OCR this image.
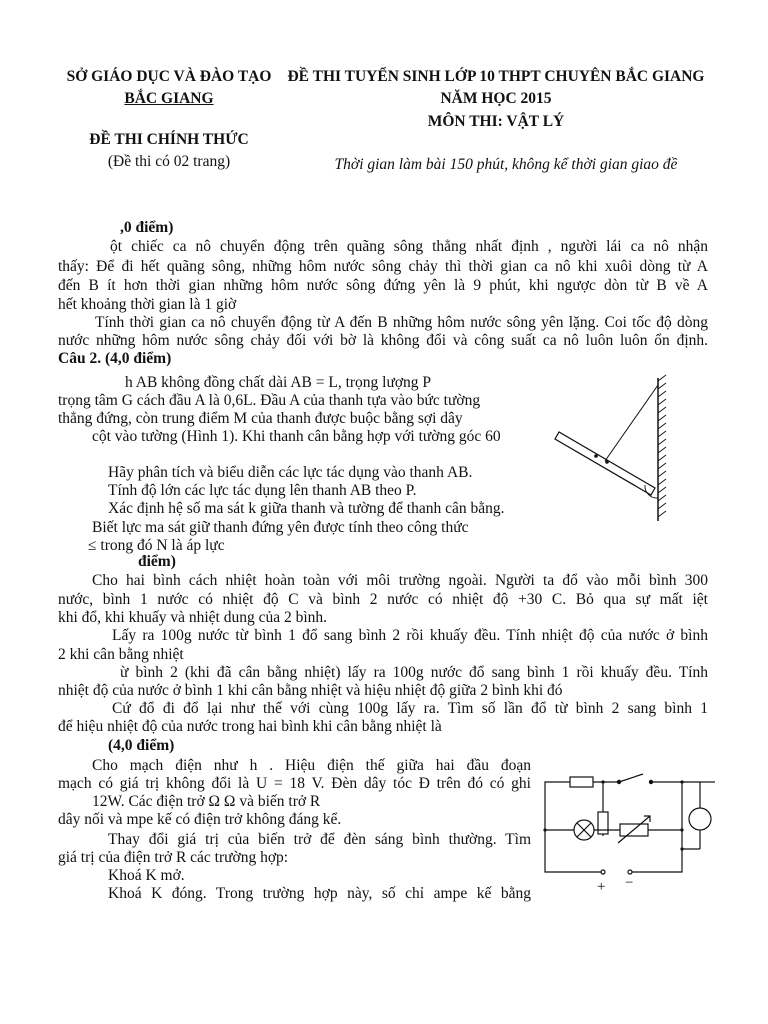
SỞ GIÁO DỤC VÀ ĐÀO TẠO
BẮC GIANG
ĐỀ THI TUYỂN SINH LỚP 10 THPT CHUYÊN BẮC GIANG
NĂM HỌC 2015
MÔN THI: VẬT LÝ
ĐỀ THI CHÍNH THỨC
(Đề thi có 02 trang)	Thời gian làm bài 150 phút, không kể thời gian giao đề
,0 điểm)
ột chiếc ca nô chuyển động trên quãng sông thẳng nhất định , người lái ca nô nhận
thấy: Để đi hết quãng sông, những hôm nước sông chảy thì thời gian ca nô khi xuôi dòng từ A
đến B ít hơn thời gian những hôm nước sông đứng yên là 9 phút, khi ngược dòn từ B về A
hết khoảng thời gian là 1 giờ
Tính thời gian ca nô chuyển động từ A đến B những hôm nước sông yên lặng. Coi tốc độ dòng
nước những hôm nước sông chảy đối với bờ là không đổi và công suất ca nô luôn luôn ổn định.
Câu 2. (4,0 điểm)
h AB không đồng chất dài AB = L, trọng lượng P
trọng tâm G cách đầu A là 0,6L. Đầu A của thanh tựa vào bức tường
thẳng đứng, còn trung điểm M của thanh được buộc bằng sợi dây
cột vào tường (Hình 1). Khi thanh cân bằng hợp với tường góc 60
Hãy phân tích và biểu diễn các lực tác dụng vào thanh AB.
Tính độ lớn các lực tác dụng lên thanh AB theo P.
Xác định hệ số ma sát k giữa thanh và tường để thanh cân bằng.
Biết lực ma sát giữ thanh đứng yên được tính theo công thức
≤ trong đó N là áp lực
điểm)
Cho hai bình cách nhiệt hoàn toàn với môi trường ngoài. Người ta đổ vào mỗi bình 300
nước, bình 1 nước có nhiệt độ C và bình 2 nước có nhiệt độ +30 C. Bỏ qua sự mất iệt
khi đổ, khi khuấy và nhiệt dung của 2 bình.
Lấy ra 100g nước từ bình 1 đổ sang bình 2 rồi khuấy đều. Tính nhiệt độ của nước ở bình
2 khi cân bằng nhiệt
ừ bình 2 (khi đã cân bằng nhiệt) lấy ra 100g nước đổ sang bình 1 rồi khuấy đều. Tính
nhiệt độ của nước ở bình 1 khi cân bằng nhiệt và hiệu nhiệt độ giữa 2 bình khi đó
Cứ đổ đi đổ lại như thế với cùng 100g lấy ra. Tìm số lần đổ từ bình 2 sang bình 1
để hiệu nhiệt độ của nước trong hai bình khi cân bằng nhiệt là
(4,0 điểm)
Cho mạch điện như h . Hiệu điện thế giữa hai đầu đoạn
mạch có giá trị không đổi là U = 18 V. Đèn dây tóc Đ trên đó có ghi
12W. Các điện trở Ω Ω và biến trở R
dây nối và mpe kế có điện trở không đáng kể.
Thay đổi giá trị của biến trở để đèn sáng bình thường. Tìm
giá trị của điện trở R các trường hợp:
Khoá K mở.
Khoá K đóng. Trong trường hợp này, số chỉ ampe kế bằng	+ −
